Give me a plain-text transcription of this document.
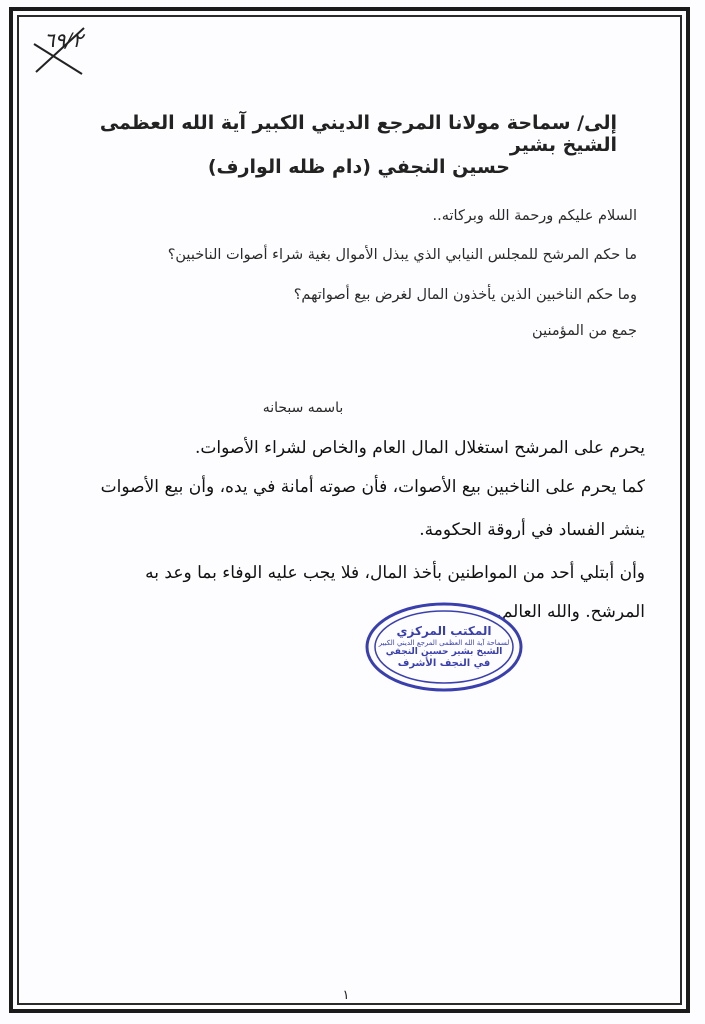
٦٩/٢
إلى/ سماحة مولانا المرجع الديني الكبير آية الله العظمى الشيخ بشير
حسين النجفي (دام ظله الوارف)
السلام عليكم ورحمة الله وبركاته..
ما حكم المرشح للمجلس النيابي الذي يبذل الأموال بغية شراء أصوات الناخبين؟
وما حكم الناخبين الذين يأخذون المال لغرض بيع أصواتهم؟
جمع من المؤمنين
باسمه سبحانه
يحرم على المرشح استغلال المال العام والخاص لشراء الأصوات.
كما يحرم على الناخبين بيع الأصوات، فأن صوته أمانة في يده، وأن بيع الأصوات
ينشر الفساد في أروقة الحكومة.
وأن أبتلي أحد من المواطنين بأخذ المال، فلا يجب عليه الوفاء بما وعد به
المرشح. والله العالم.
المكتب المركزي
لسماحة آية الله العظمى المرجع الديني الكبير
الشيخ بشير حسين النجفي
في النجف الأشرف
١
